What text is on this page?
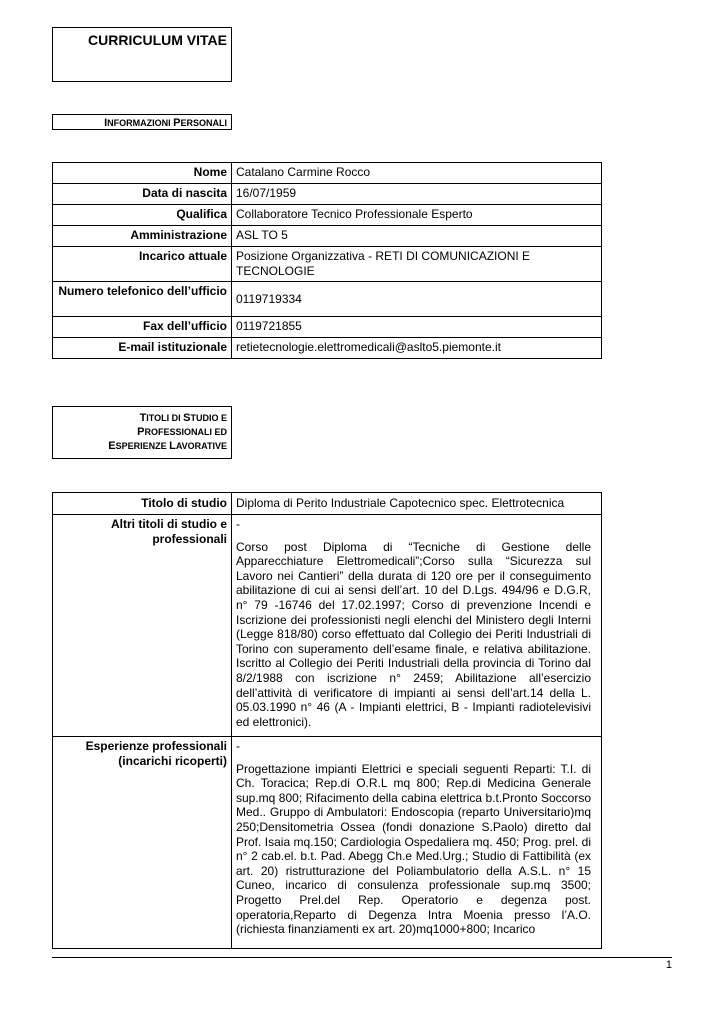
CURRICULUM VITAE
INFORMAZIONI PERSONALI
Nome	Catalano Carmine Rocco
Data di nascita	16/07/1959
Qualifica	Collaboratore Tecnico Professionale Esperto
Amministrazione	ASL TO 5
Incarico attuale	Posizione Organizzativa - RETI DI COMUNICAZIONI E TECNOLOGIE
Numero telefonico dell’ufficio	0119719334
Fax dell’ufficio	0119721855
E-mail istituzionale	retietecnologie.elettromedicali@aslto5.piemonte.it
TITOLI DI STUDIO E
PROFESSIONALI ED
ESPERIENZE LAVORATIVE
Titolo di studio	Diploma di Perito Industriale Capotecnico spec. Elettrotecnica
Altri titoli di studio e professionali	-Corso post Diploma di “Tecniche di Gestione delle Apparecchiature Elettromedicali”;Corso sulla “Sicurezza sul Lavoro nei Cantieri” della durata di 120 ore per il conseguimento abilitazione di cui ai sensi dell’art. 10 del D.Lgs. 494/96 e D.G.R, n° 79 -16746 del 17.02.1997; Corso di prevenzione Incendi e Iscrizione dei professionisti negli elenchi del Ministero degli Interni (Legge 818/80) corso effettuato dal Collegio dei Periti Industriali di Torino con superamento dell’esame finale, e relativa abilitazione. Iscritto al Collegio dei Periti Industriali della provincia di Torino dal 8/2/1988 con iscrizione n° 2459; Abilitazione all’esercizio dell’attività di verificatore di impianti ai sensi dell’art.14 della L. 05.03.1990 n° 46 (A - Impianti elettrici, B - Impianti radiotelevisivi ed elettronici).
Esperienze professionali (incarichi ricoperti)	-Progettazione impianti Elettrici e speciali seguenti Reparti: T.I. di Ch. Toracica; Rep.di O.R.L mq 800; Rep.di Medicina Generale sup.mq 800; Rifacimento della cabina elettrica b.t.Pronto Soccorso Med.. Gruppo di Ambulatori: Endoscopia (reparto Universitario)mq 250;Densitometria Ossea (fondi donazione S.Paolo) diretto dal Prof. Isaia mq.150; Cardiologia Ospedaliera mq. 450; Prog. prel. di n° 2 cab.el. b.t. Pad. Abegg Ch.e Med.Urg.; Studio di Fattibilità (ex art. 20) ristrutturazione del Poliambulatorio della A.S.L. n° 15 Cuneo, incarico di consulenza professionale sup.mq 3500; Progetto Prel.del Rep. Operatorio e degenza post. operatoria,Reparto di Degenza Intra Moenia presso l’A.O. (richiesta finanziamenti ex art. 20)mq1000+800; Incarico
1
